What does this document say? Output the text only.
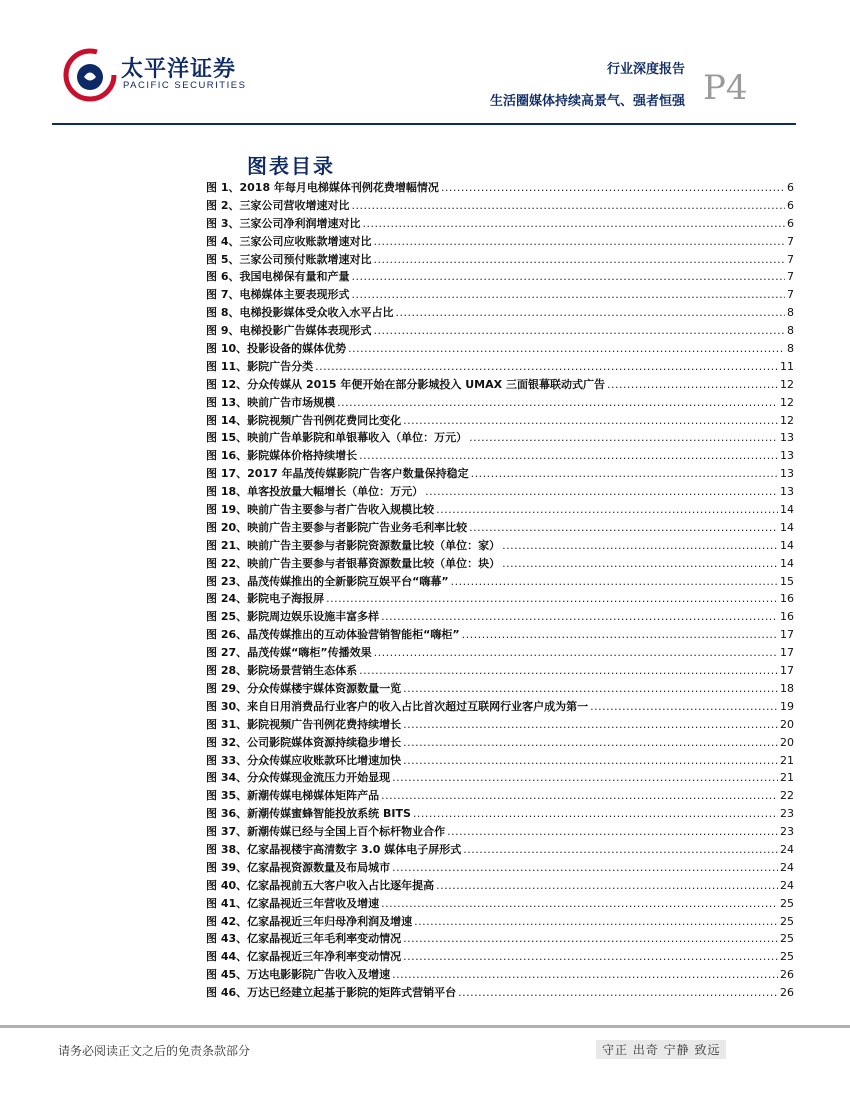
太平洋证券
PACIFIC SECURITIES
行业深度报告
生活圈媒体持续高景气、强者恒强 P4
图表目录
图 1、2018 年每月电梯媒体刊例花费增幅情况 .....	6
图 2、三家公司营收增速对比 .....	6
图 3、三家公司净利润增速对比 .....	6
图 4、三家公司应收账款增速对比 .....	7
图 5、三家公司预付账款增速对比 .....	7
图 6、我国电梯保有量和产量 .....	7
图 7、电梯媒体主要表现形式 .....	7
图 8、电梯投影媒体受众收入水平占比 .....	8
图 9、电梯投影广告媒体表现形式 .....	8
图 10、投影设备的媒体优势 .....	8
图 11、影院广告分类 .....	11
图 12、分众传媒从 2015 年便开始在部分影城投入 UMAX 三面银幕联动式广告 .....	12
图 13、映前广告市场规模 .....	12
图 14、影院视频广告刊例花费同比变化 .....	12
图 15、映前广告单影院和单银幕收入（单位：万元） .....	13
图 16、影院媒体价格持续增长 .....	13
图 17、2017 年晶茂传媒影院广告客户数量保持稳定 .....	13
图 18、单客投放量大幅增长（单位：万元） .....	13
图 19、映前广告主要参与者广告收入规模比较 .....	14
图 20、映前广告主要参与者影院广告业务毛利率比较 .....	14
图 21、映前广告主要参与者影院资源数量比较（单位：家） .....	14
图 22、映前广告主要参与者银幕资源数量比较（单位：块） .....	14
图 23、晶茂传媒推出的全新影院互娱平台“嗨幕” .....	15
图 24、影院电子海报屏 .....	16
图 25、影院周边娱乐设施丰富多样 .....	16
图 26、晶茂传媒推出的互动体验营销智能柜“嗨柜” .....	17
图 27、晶茂传媒“嗨柜”传播效果 .....	17
图 28、影院场景营销生态体系 .....	17
图 29、分众传媒楼宇媒体资源数量一览 .....	18
图 30、来自日用消费品行业客户的收入占比首次超过互联网行业客户成为第一 .....	19
图 31、影院视频广告刊例花费持续增长 .....	20
图 32、公司影院媒体资源持续稳步增长 .....	20
图 33、分众传媒应收账款环比增速加快 .....	21
图 34、分众传媒现金流压力开始显现 .....	21
图 35、新潮传媒电梯媒体矩阵产品 .....	22
图 36、新潮传媒蜜蜂智能投放系统 BITS .....	23
图 37、新潮传媒已经与全国上百个标杆物业合作 .....	23
图 38、亿家晶视楼宇高清数字 3.0 媒体电子屏形式 .....	24
图 39、亿家晶视资源数量及布局城市 .....	24
图 40、亿家晶视前五大客户收入占比逐年提高 .....	24
图 41、亿家晶视近三年营收及增速 .....	25
图 42、亿家晶视近三年归母净利润及增速 .....	25
图 43、亿家晶视近三年毛利率变动情况 .....	25
图 44、亿家晶视近三年净利率变动情况 .....	25
图 45、万达电影影院广告收入及增速 .....	26
图 46、万达已经建立起基于影院的矩阵式营销平台 .....	26
请务必阅读正文之后的免责条款部分	守正 出奇 宁静 致远
